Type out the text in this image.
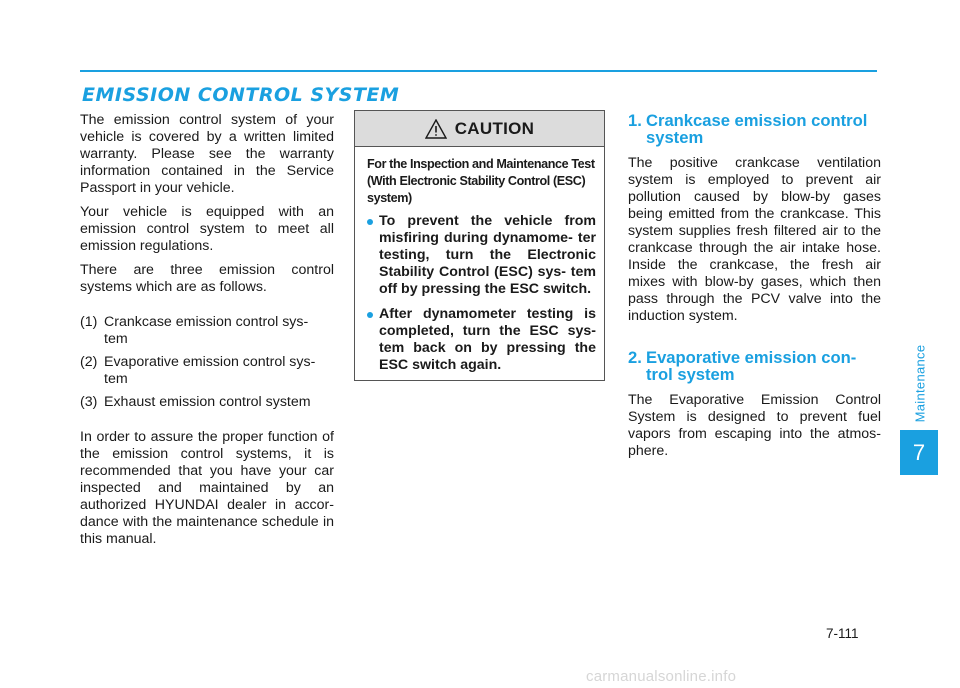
EMISSION CONTROL SYSTEM

The emission control system of your vehicle is covered by a written limited warranty. Please see the warranty information contained in the Service Passport in your vehicle.

Your vehicle is equipped with an emission control system to meet all emission regulations.

There are three emission control systems which are as follows.

(1) Crankcase emission control sys- tem
(2) Evaporative emission control sys- tem
(3) Exhaust emission control system

In order to assure the proper function of the emission control systems, it is recommended that you have your car inspected and maintained by an authorized HYUNDAI dealer in accor- dance with the maintenance schedule in this manual.

CAUTION

For the Inspection and Maintenance Test (With Electronic Stability Control (ESC) system)

To prevent the vehicle from misfiring during dynamome- ter testing, turn the Electronic Stability Control (ESC) sys- tem off by pressing the ESC switch.
After dynamometer testing is completed, turn the ESC sys- tem back on by pressing the ESC switch again.
1. Crankcase emission control system

The positive crankcase ventilation system is employed to prevent air pollution caused by blow-by gases being emitted from the crankcase. This system supplies fresh filtered air to the crankcase through the air intake hose. Inside the crankcase, the fresh air mixes with blow-by gases, which then pass through the PCV valve into the induction system.

2. Evaporative emission con- trol system

The Evaporative Emission Control System is designed to prevent fuel vapors from escaping into the atmos- phere.

Maintenance
7
7-111
carmanualsonline.info
